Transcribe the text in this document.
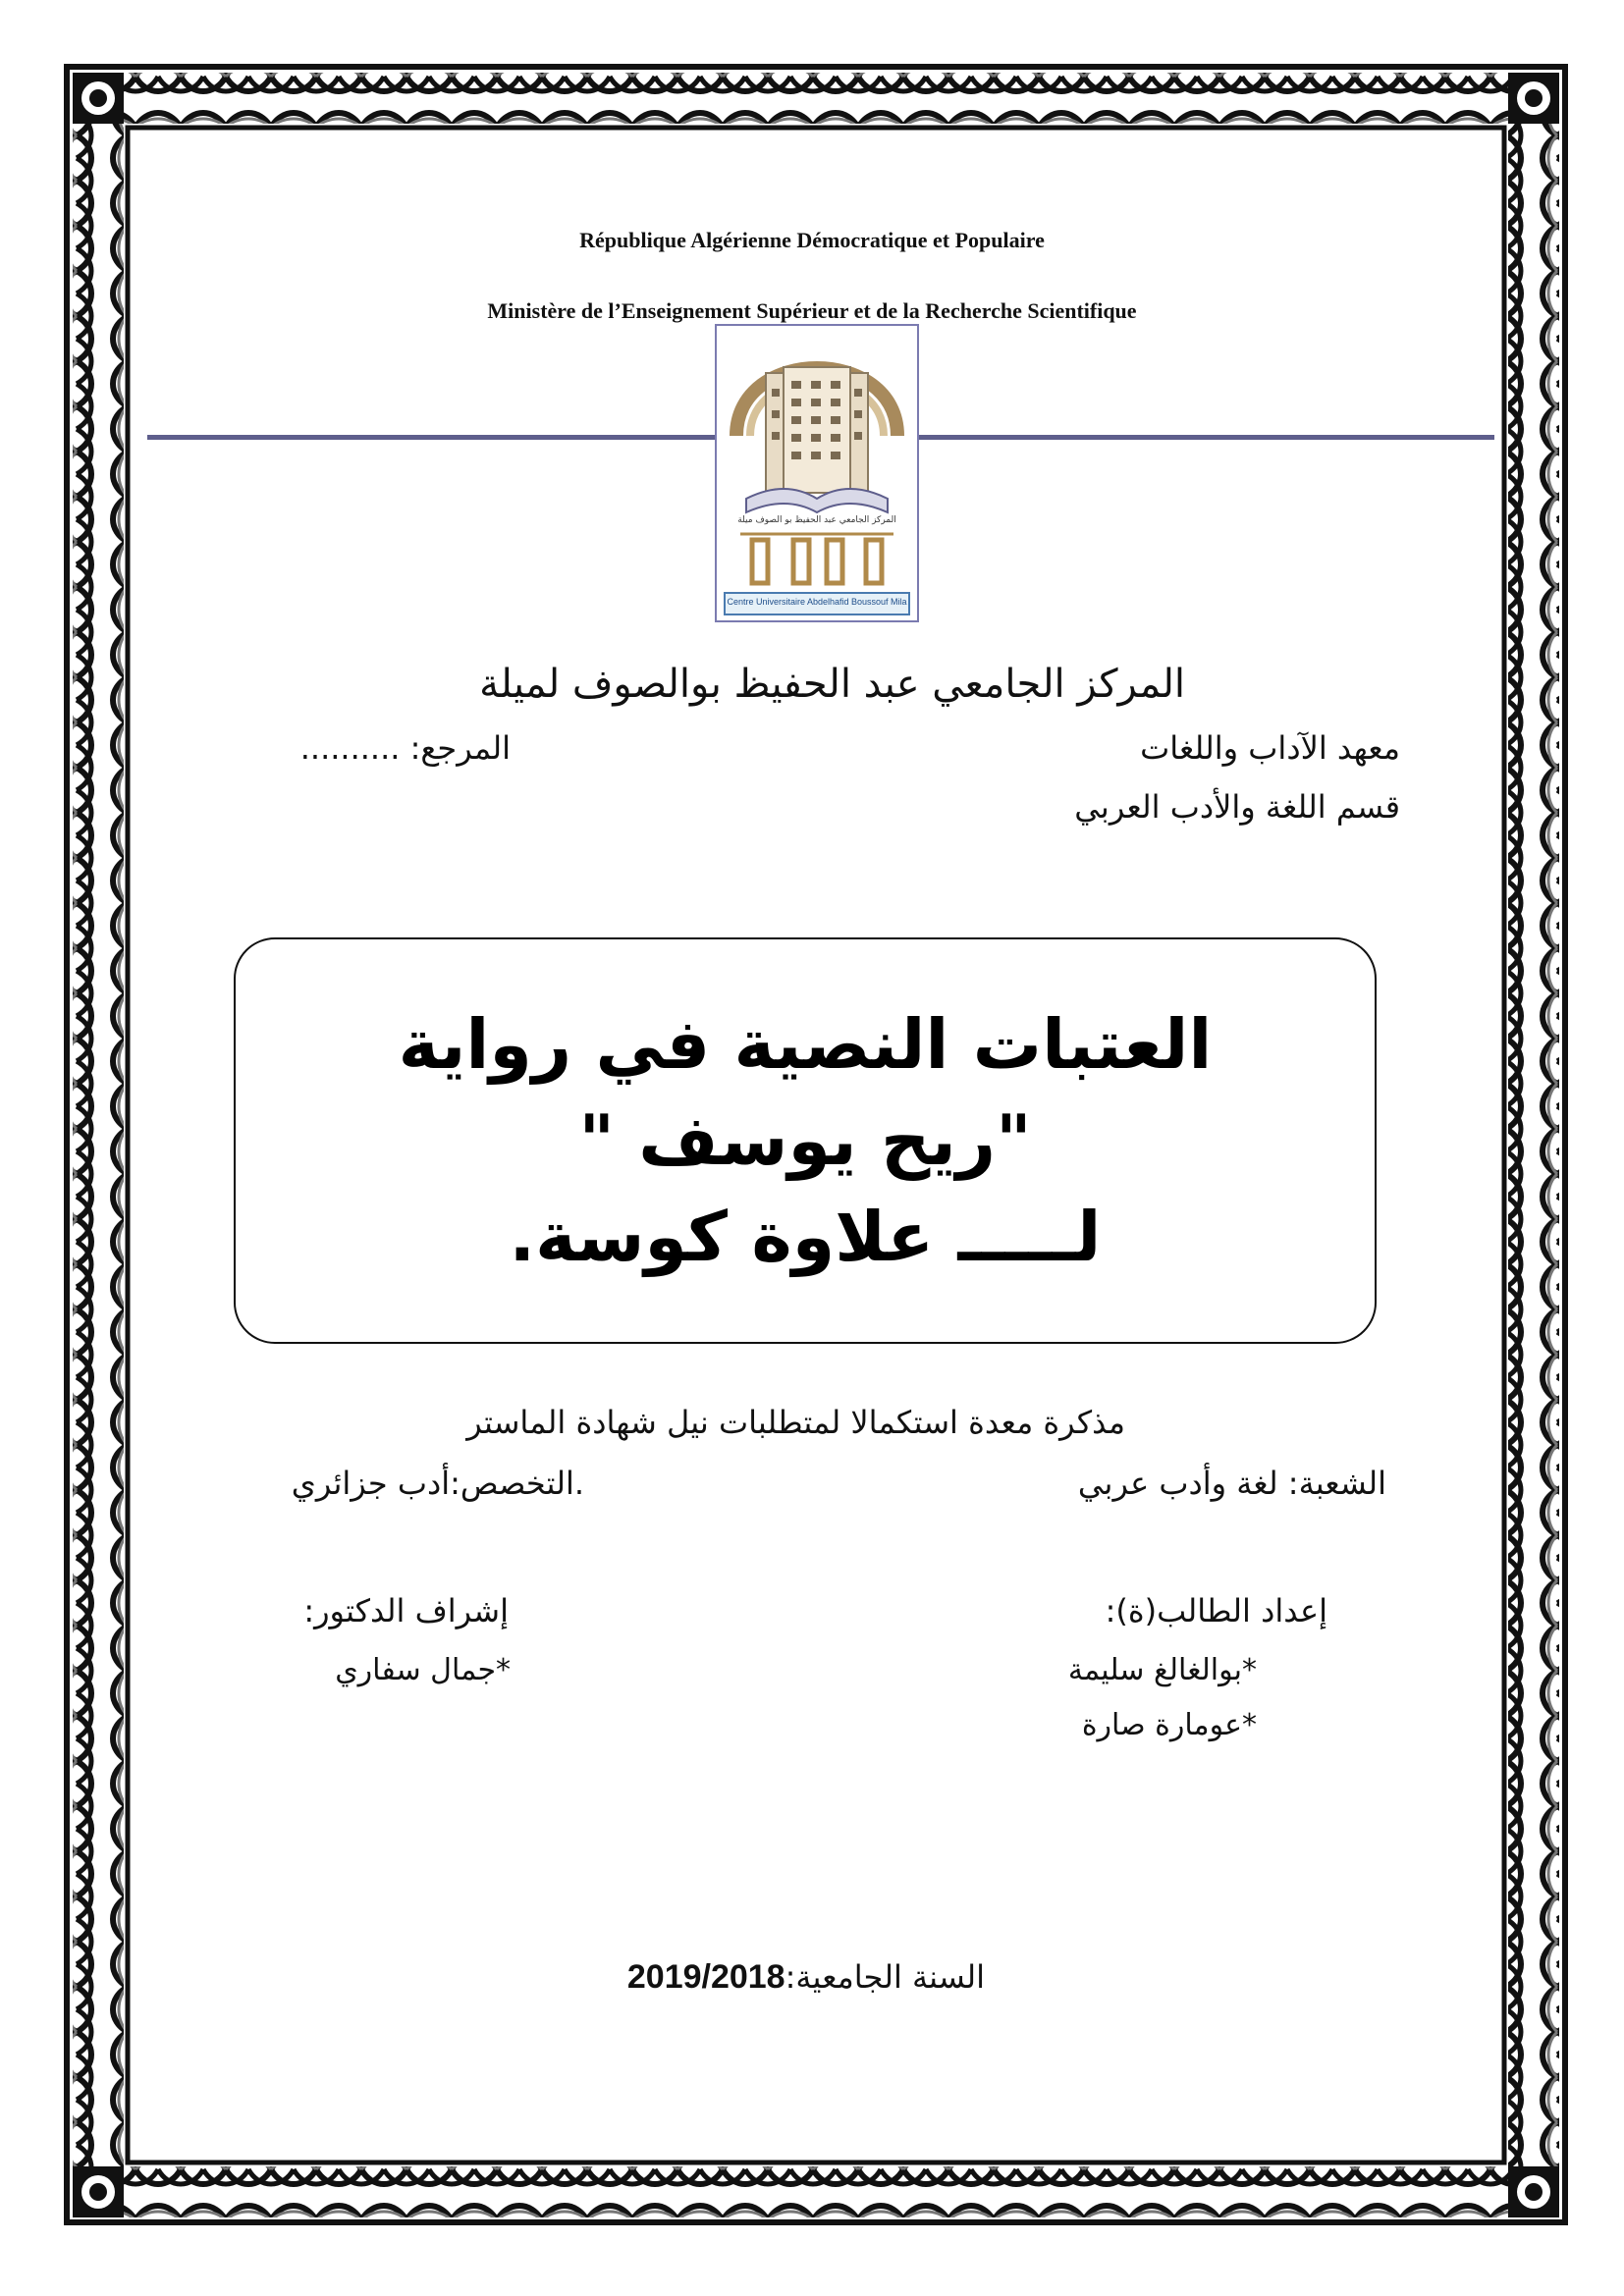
République Algérienne Démocratique et Populaire
Ministère de l’Enseignement Supérieur et de la Recherche Scientifique
المركز الجامعي عبد الحفيظ بو الصوف ميلة
Centre Universitaire Abdelhafid Boussouf Mila
المركز الجامعي عبد الحفيظ بوالصوف لميلة
معهد الآداب واللغات
المرجع: ..........
قسم اللغة والأدب العربي
العتبات النصية في رواية
"ريح يوسف "
لـــــ علاوة كوسة.
مذكرة معدة استكمالا لمتطلبات نيل شهادة الماستر
الشعبة: لغة وأدب عربي
.التخصص:أدب جزائري
إعداد الطالب(ة):
*بوالغالغ سليمة
*عومارة صارة
إشراف الدكتور:
*جمال سفاري
السنة الجامعية:2019/2018
